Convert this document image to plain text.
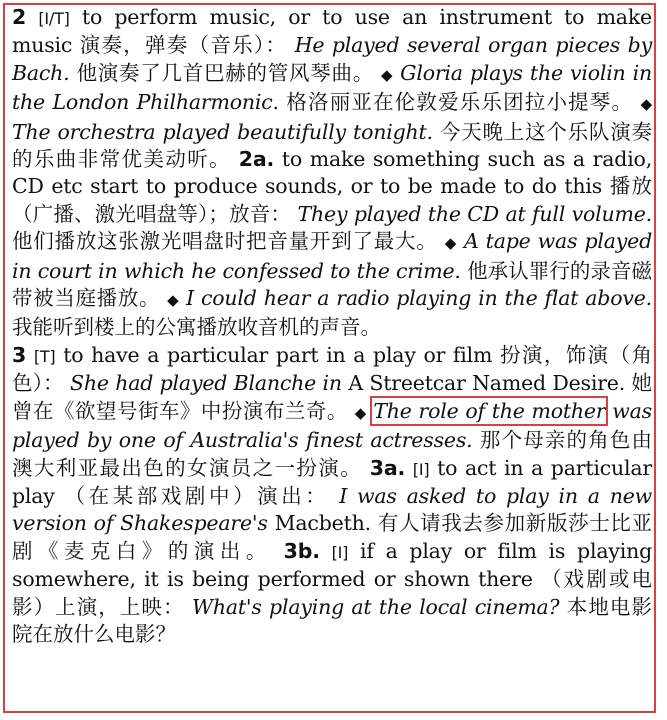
2 [I/T] to perform music, or to use an instrument to make music 演奏，弹奏（音乐）： He played several organ pieces by Bach. 他演奏了几首巴赫的管风琴曲。 ◆ Gloria plays the violin in the London Philharmonic. 格洛丽亚在伦敦爱乐乐团拉小提琴。 ◆ The orchestra played beautifully tonight. 今天晚上这个乐队演奏的乐曲非常优美动听。 2a. to make something such as a radio, CD etc start to produce sounds, or to be made to do this 播放（广播、激光唱盘等）；放音： They played the CD at full volume. 他们播放这张激光唱盘时把音量开到了最大。 ◆ A tape was played in court in which he confessed to the crime. 他承认罪行的录音磁带被当庭播放。 ◆ I could hear a radio playing in the flat above. 我能听到楼上的公寓播放收音机的声音。

3 [T] to have a particular part in a play or film 扮演，饰演（角色）： She had played Blanche in A Streetcar Named Desire. 她曾在《欲望号街车》中扮演布兰奇。 ◆ The role of the mother was played by one of Australia's finest actresses. 那个母亲的角色由澳大利亚最出色的女演员之一扮演。 3a. [I] to act in a particular play （在某部戏剧中）演出： I was asked to play in a new version of Shakespeare's Macbeth. 有人请我去参加新版莎士比亚剧《麦克白》的演出。 3b. [I] if a play or film is playing somewhere, it is being performed or shown there （戏剧或电影）上演，上映： What's playing at the local cinema? 本地电影院在放什么电影？
